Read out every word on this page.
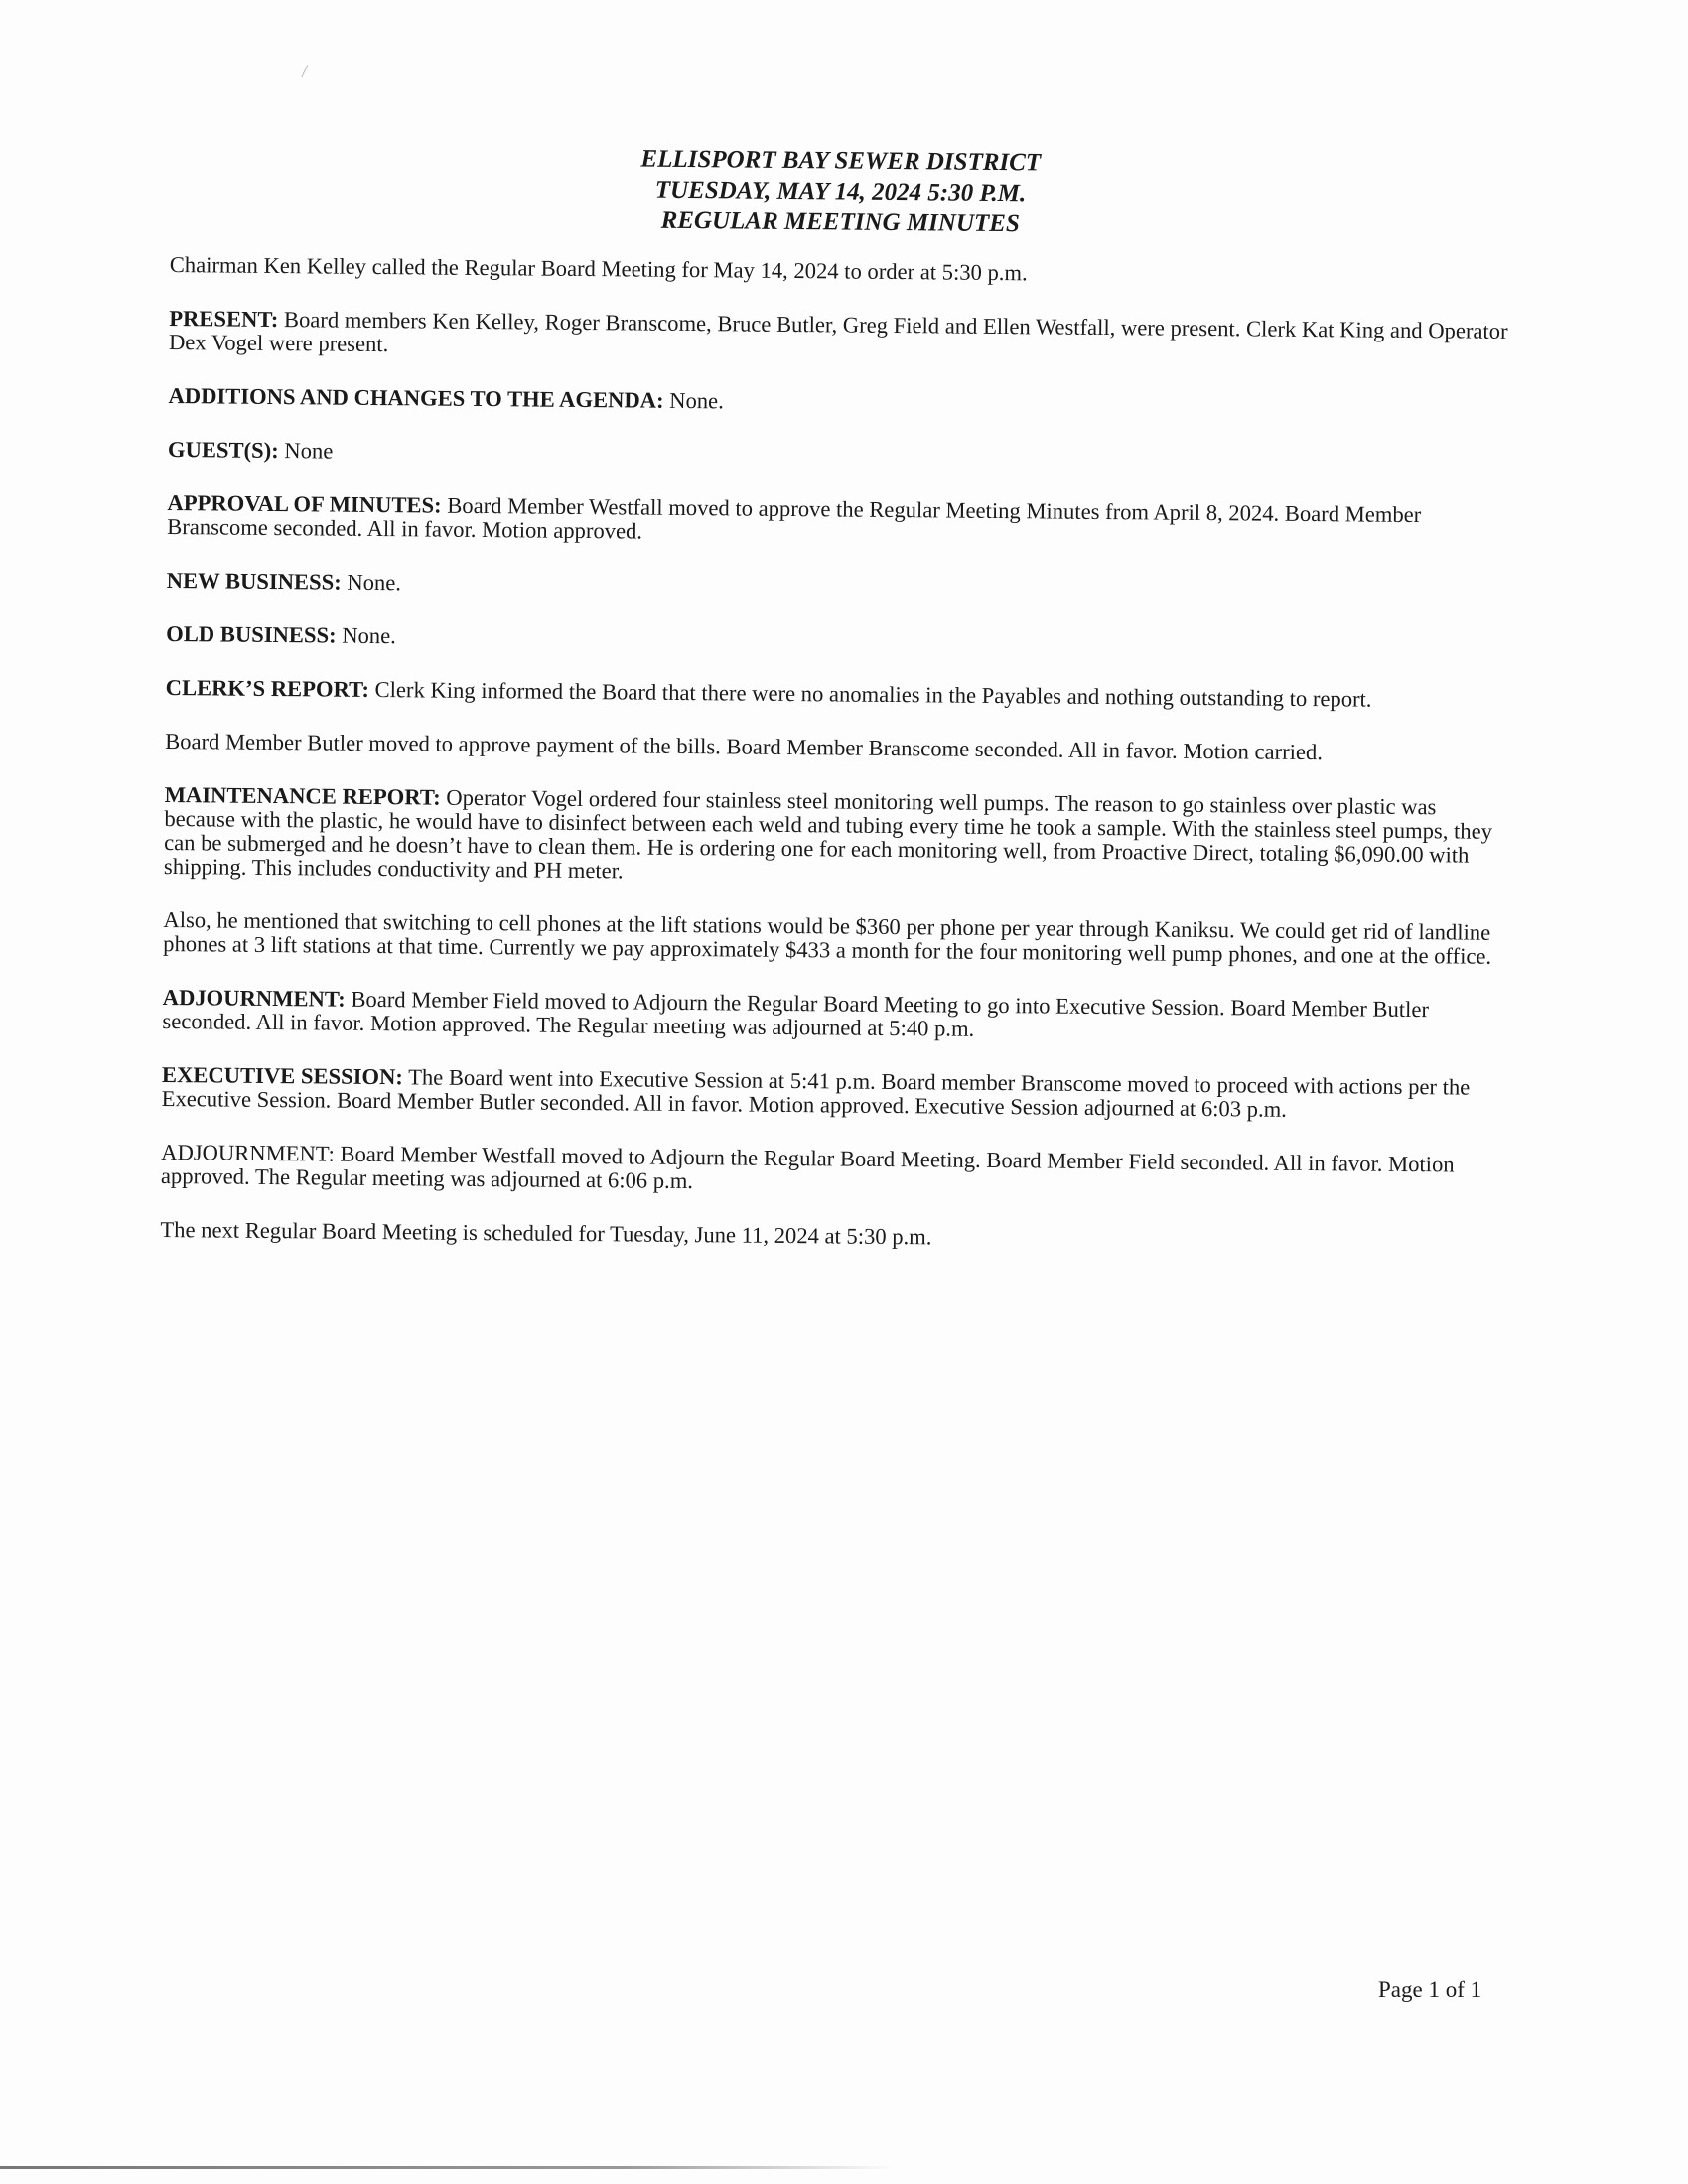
ELLISPORT BAY SEWER DISTRICT
TUESDAY, MAY 14, 2024 5:30 P.M.
REGULAR MEETING MINUTES

Chairman Ken Kelley called the Regular Board Meeting for May 14, 2024 to order at 5:30 p.m.

PRESENT: Board members Ken Kelley, Roger Branscome, Bruce Butler, Greg Field and Ellen Westfall, were present. Clerk Kat King and Operator Dex Vogel were present.

ADDITIONS AND CHANGES TO THE AGENDA: None.

GUEST(S): None

APPROVAL OF MINUTES: Board Member Westfall moved to approve the Regular Meeting Minutes from April 8, 2024. Board Member Branscome seconded. All in favor. Motion approved.

NEW BUSINESS: None.

OLD BUSINESS: None.

CLERK’S REPORT: Clerk King informed the Board that there were no anomalies in the Payables and nothing outstanding to report.

Board Member Butler moved to approve payment of the bills. Board Member Branscome seconded. All in favor. Motion carried.

MAINTENANCE REPORT: Operator Vogel ordered four stainless steel monitoring well pumps. The reason to go stainless over plastic was because with the plastic, he would have to disinfect between each weld and tubing every time he took a sample. With the stainless steel pumps, they can be submerged and he doesn’t have to clean them. He is ordering one for each monitoring well, from Proactive Direct, totaling $6,090.00 with shipping. This includes conductivity and PH meter.

Also, he mentioned that switching to cell phones at the lift stations would be $360 per phone per year through Kaniksu. We could get rid of landline phones at 3 lift stations at that time. Currently we pay approximately $433 a month for the four monitoring well pump phones, and one at the office.

ADJOURNMENT: Board Member Field moved to Adjourn the Regular Board Meeting to go into Executive Session. Board Member Butler seconded. All in favor. Motion approved. The Regular meeting was adjourned at 5:40 p.m.

EXECUTIVE SESSION: The Board went into Executive Session at 5:41 p.m. Board member Branscome moved to proceed with actions per the Executive Session. Board Member Butler seconded. All in favor. Motion approved. Executive Session adjourned at 6:03 p.m.

ADJOURNMENT: Board Member Westfall moved to Adjourn the Regular Board Meeting. Board Member Field seconded. All in favor. Motion approved. The Regular meeting was adjourned at 6:06 p.m.

The next Regular Board Meeting is scheduled for Tuesday, June 11, 2024 at 5:30 p.m.

Page 1 of 1
